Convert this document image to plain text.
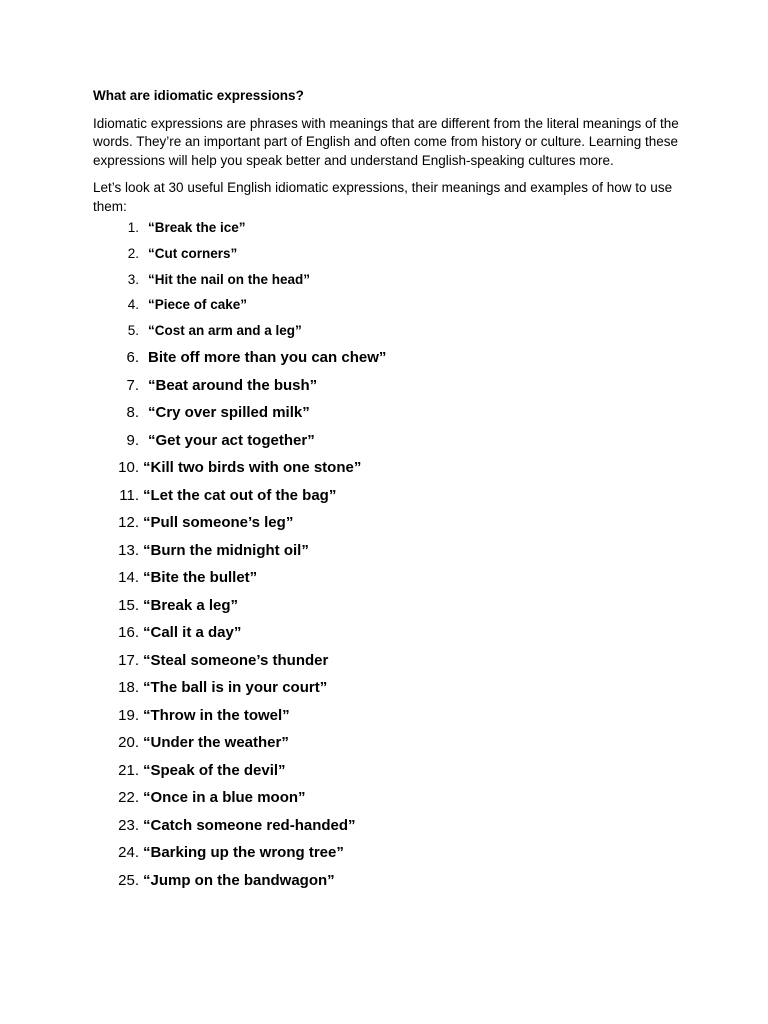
What are idiomatic expressions?

Idiomatic expressions are phrases with meanings that are different from the literal meanings of the words. They’re an important part of English and often come from history or culture. Learning these expressions will help you speak better and understand English-speaking cultures more.

Let’s look at 30 useful English idiomatic expressions, their meanings and examples of how to use them:

1. “Break the ice”
2. “Cut corners”
3. “Hit the nail on the head”
4. “Piece of cake”
5. “Cost an arm and a leg”
6. Bite off more than you can chew”
7. “Beat around the bush”
8. “Cry over spilled milk”
9. “Get your act together”
10. “Kill two birds with one stone”
11. “Let the cat out of the bag”
12. “Pull someone’s leg”
13. “Burn the midnight oil”
14. “Bite the bullet”
15. “Break a leg”
16. “Call it a day”
17. “Steal someone’s thunder
18. “The ball is in your court”
19. “Throw in the towel”
20. “Under the weather”
21. “Speak of the devil”
22. “Once in a blue moon”
23. “Catch someone red-handed”
24. “Barking up the wrong tree”
25. “Jump on the bandwagon”
